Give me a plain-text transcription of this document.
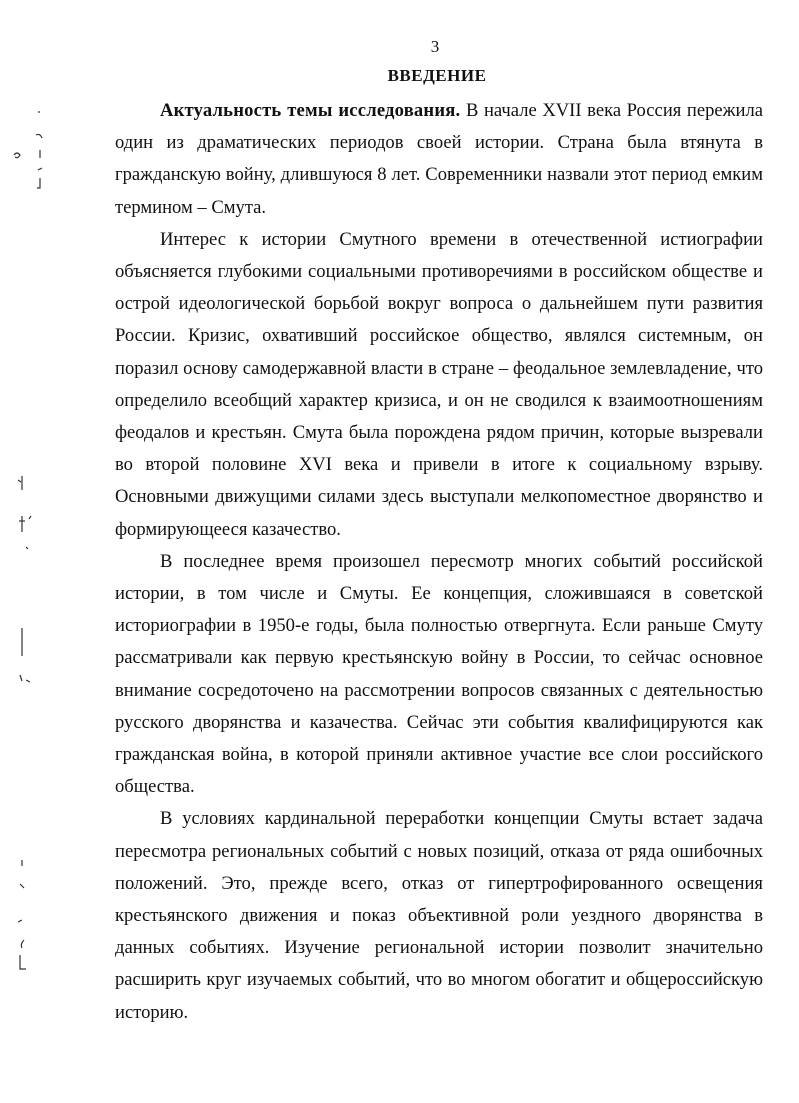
3
ВВЕДЕНИЕ

Актуальность темы исследования. В начале XVII века Россия пережила один из драматических периодов своей истории. Страна была втянута в гражданскую войну, длившуюся 8 лет. Современники назвали этот период емким термином – Смута.

Интерес к истории Смутного времени в отечественной истиографии объясняется глубокими социальными противоречиями в российском обществе и острой идеологической борьбой вокруг вопроса о дальнейшем пути развития России. Кризис, охвативший российское общество, являлся системным, он поразил основу самодержавной власти в стране – феодальное землевладение, что определило всеобщий характер кризиса, и он не сводился к взаимоотношениям феодалов и крестьян. Смута была порождена рядом причин, которые вызревали во второй половине XVI века и привели в итоге к социальному взрыву. Основными движущими силами здесь выступали мелкопоместное дворянство и формирующееся казачество.

В последнее время произошел пересмотр многих событий российской истории, в том числе и Смуты. Ее концепция, сложившаяся в советской историографии в 1950-е годы, была полностью отвергнута. Если раньше Смуту рассматривали как первую крестьянскую войну в России, то сейчас основное внимание сосредоточено на рассмотрении вопросов связанных с деятельностью русского дворянства и казачества. Сейчас эти события квалифицируются как гражданская война, в которой приняли активное участие все слои российского общества.

В условиях кардинальной переработки концепции Смуты встает задача пересмотра региональных событий с новых позиций, отказа от ряда ошибочных положений. Это, прежде всего, отказ от гипертрофированного освещения крестьянского движения и показ объективной роли уездного дворянства в данных событиях. Изучение региональной истории позволит значительно расширить круг изучаемых событий, что во многом обогатит и общероссийскую историю.
